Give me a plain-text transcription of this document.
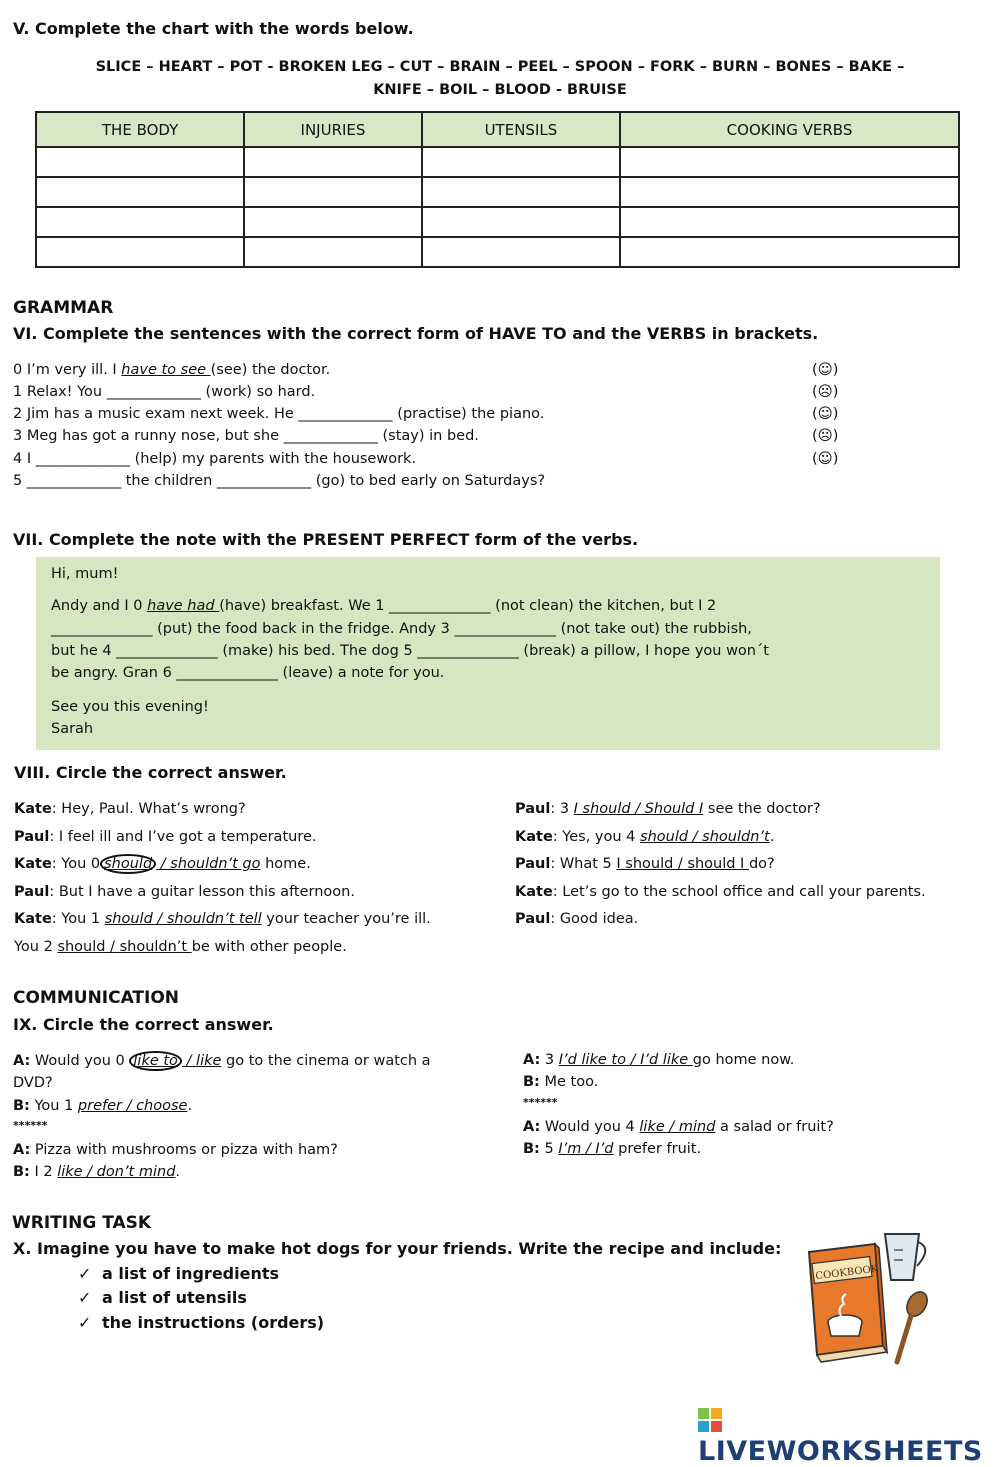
V. Complete the chart with the words below.
SLICE – HEART – POT - BROKEN LEG – CUT – BRAIN – PEEL – SPOON – FORK – BURN – BONES – BAKE –
KNIFE – BOIL – BLOOD - BRUISE
THE BODY	INJURIES	UTENSILS	COOKING VERBS

GRAMMAR
VI. Complete the sentences with the correct form of HAVE TO and the VERBS in brackets.
0 I’m very ill. I have to see (see) the doctor.
1 Relax! You _____________ (work) so hard.
2 Jim has a music exam next week. He _____________ (practise) the piano.
3 Meg has got a runny nose, but she _____________ (stay) in bed.
4 I _____________ (help) my parents with the housework.
5 _____________ the children _____________ (go) to bed early on Saturdays?
(☺)
(☹)
(☺)
(☹)
(☺)
VII. Complete the note with the PRESENT PERFECT form of the verbs.
Hi, mum!
Andy and I 0 have had (have) breakfast. We 1 ______________ (not clean) the kitchen, but I 2
______________ (put) the food back in the fridge. Andy 3 ______________ (not take out) the rubbish,
but he 4 ______________ (make) his bed. The dog 5 ______________ (break) a pillow, I hope you won´t
be angry. Gran 6 ______________ (leave) a note for you.
See you this evening!
Sarah
VIII. Circle the correct answer.
Kate: Hey, Paul. What’s wrong?
Paul: I feel ill and I’ve got a temperature.
Kate: You 0 should / shouldn’t go home.
Paul: But I have a guitar lesson this afternoon.
Kate: You 1 should / shouldn’t tell your teacher you’re ill.
You 2 should / shouldn’t be with other people.
Paul: 3 I should / Should I see the doctor?
Kate: Yes, you 4 should / shouldn’t.
Paul: What 5 I should / should I do?
Kate: Let’s go to the school office and call your parents.
Paul: Good idea.
COMMUNICATION
IX. Circle the correct answer.
A: Would you 0 like to / like go to the cinema or watch a
DVD?
B: You 1 prefer / choose.
******
A: Pizza with mushrooms or pizza with ham?
B: I 2 like / don’t mind.
A: 3 I’d like to / I’d like go home now.
B: Me too.
******
A: Would you 4 like / mind a salad or fruit?
B: 5 I’m / I’d prefer fruit.
WRITING TASK
X. Imagine you have to make hot dogs for your friends. Write the recipe and include:
✓ a list of ingredients
✓ a list of utensils
✓ the instructions (orders)
COOKBOOK
LIVEWORKSHEETS
